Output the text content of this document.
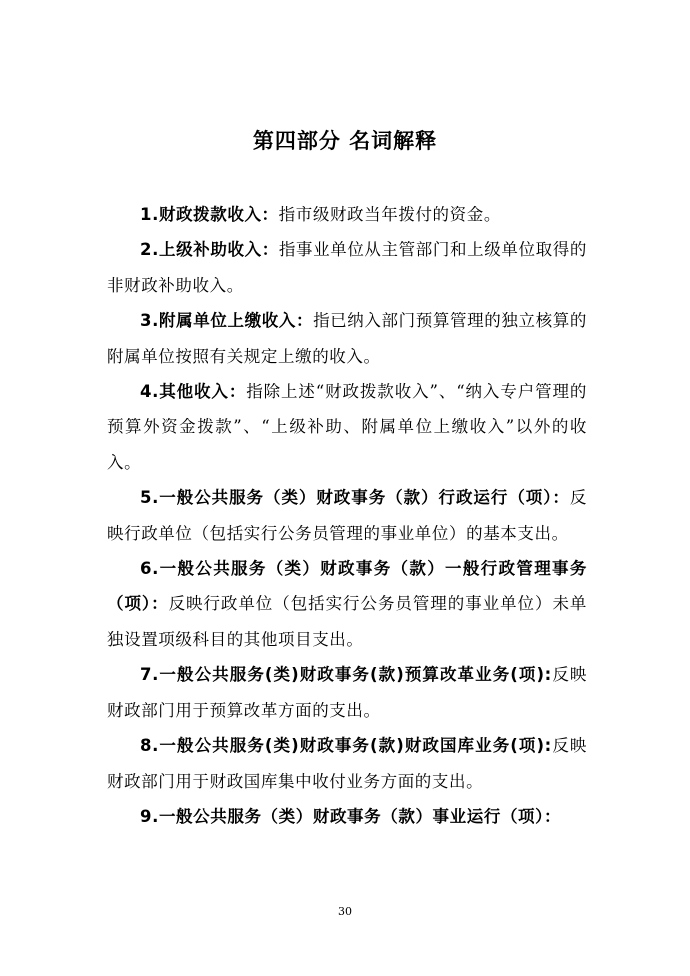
第四部分 名词解释

1.财政拨款收入：指市级财政当年拨付的资金。

2.上级补助收入：指事业单位从主管部门和上级单位取得的非财政补助收入。

3.附属单位上缴收入：指已纳入部门预算管理的独立核算的附属单位按照有关规定上缴的收入。

4.其他收入：指除上述“财政拨款收入”、“纳入专户管理的预算外资金拨款”、“上级补助、附属单位上缴收入”以外的收入。

5.一般公共服务（类）财政事务（款）行政运行（项）：反映行政单位（包括实行公务员管理的事业单位）的基本支出。

6.一般公共服务（类）财政事务（款）一般行政管理事务（项）：反映行政单位（包括实行公务员管理的事业单位）未单独设置项级科目的其他项目支出。

7.一般公共服务(类)财政事务(款)预算改革业务(项):反映财政部门用于预算改革方面的支出。

8.一般公共服务(类)财政事务(款)财政国库业务(项):反映财政部门用于财政国库集中收付业务方面的支出。

9.一般公共服务（类）财政事务（款）事业运行（项）：

30
